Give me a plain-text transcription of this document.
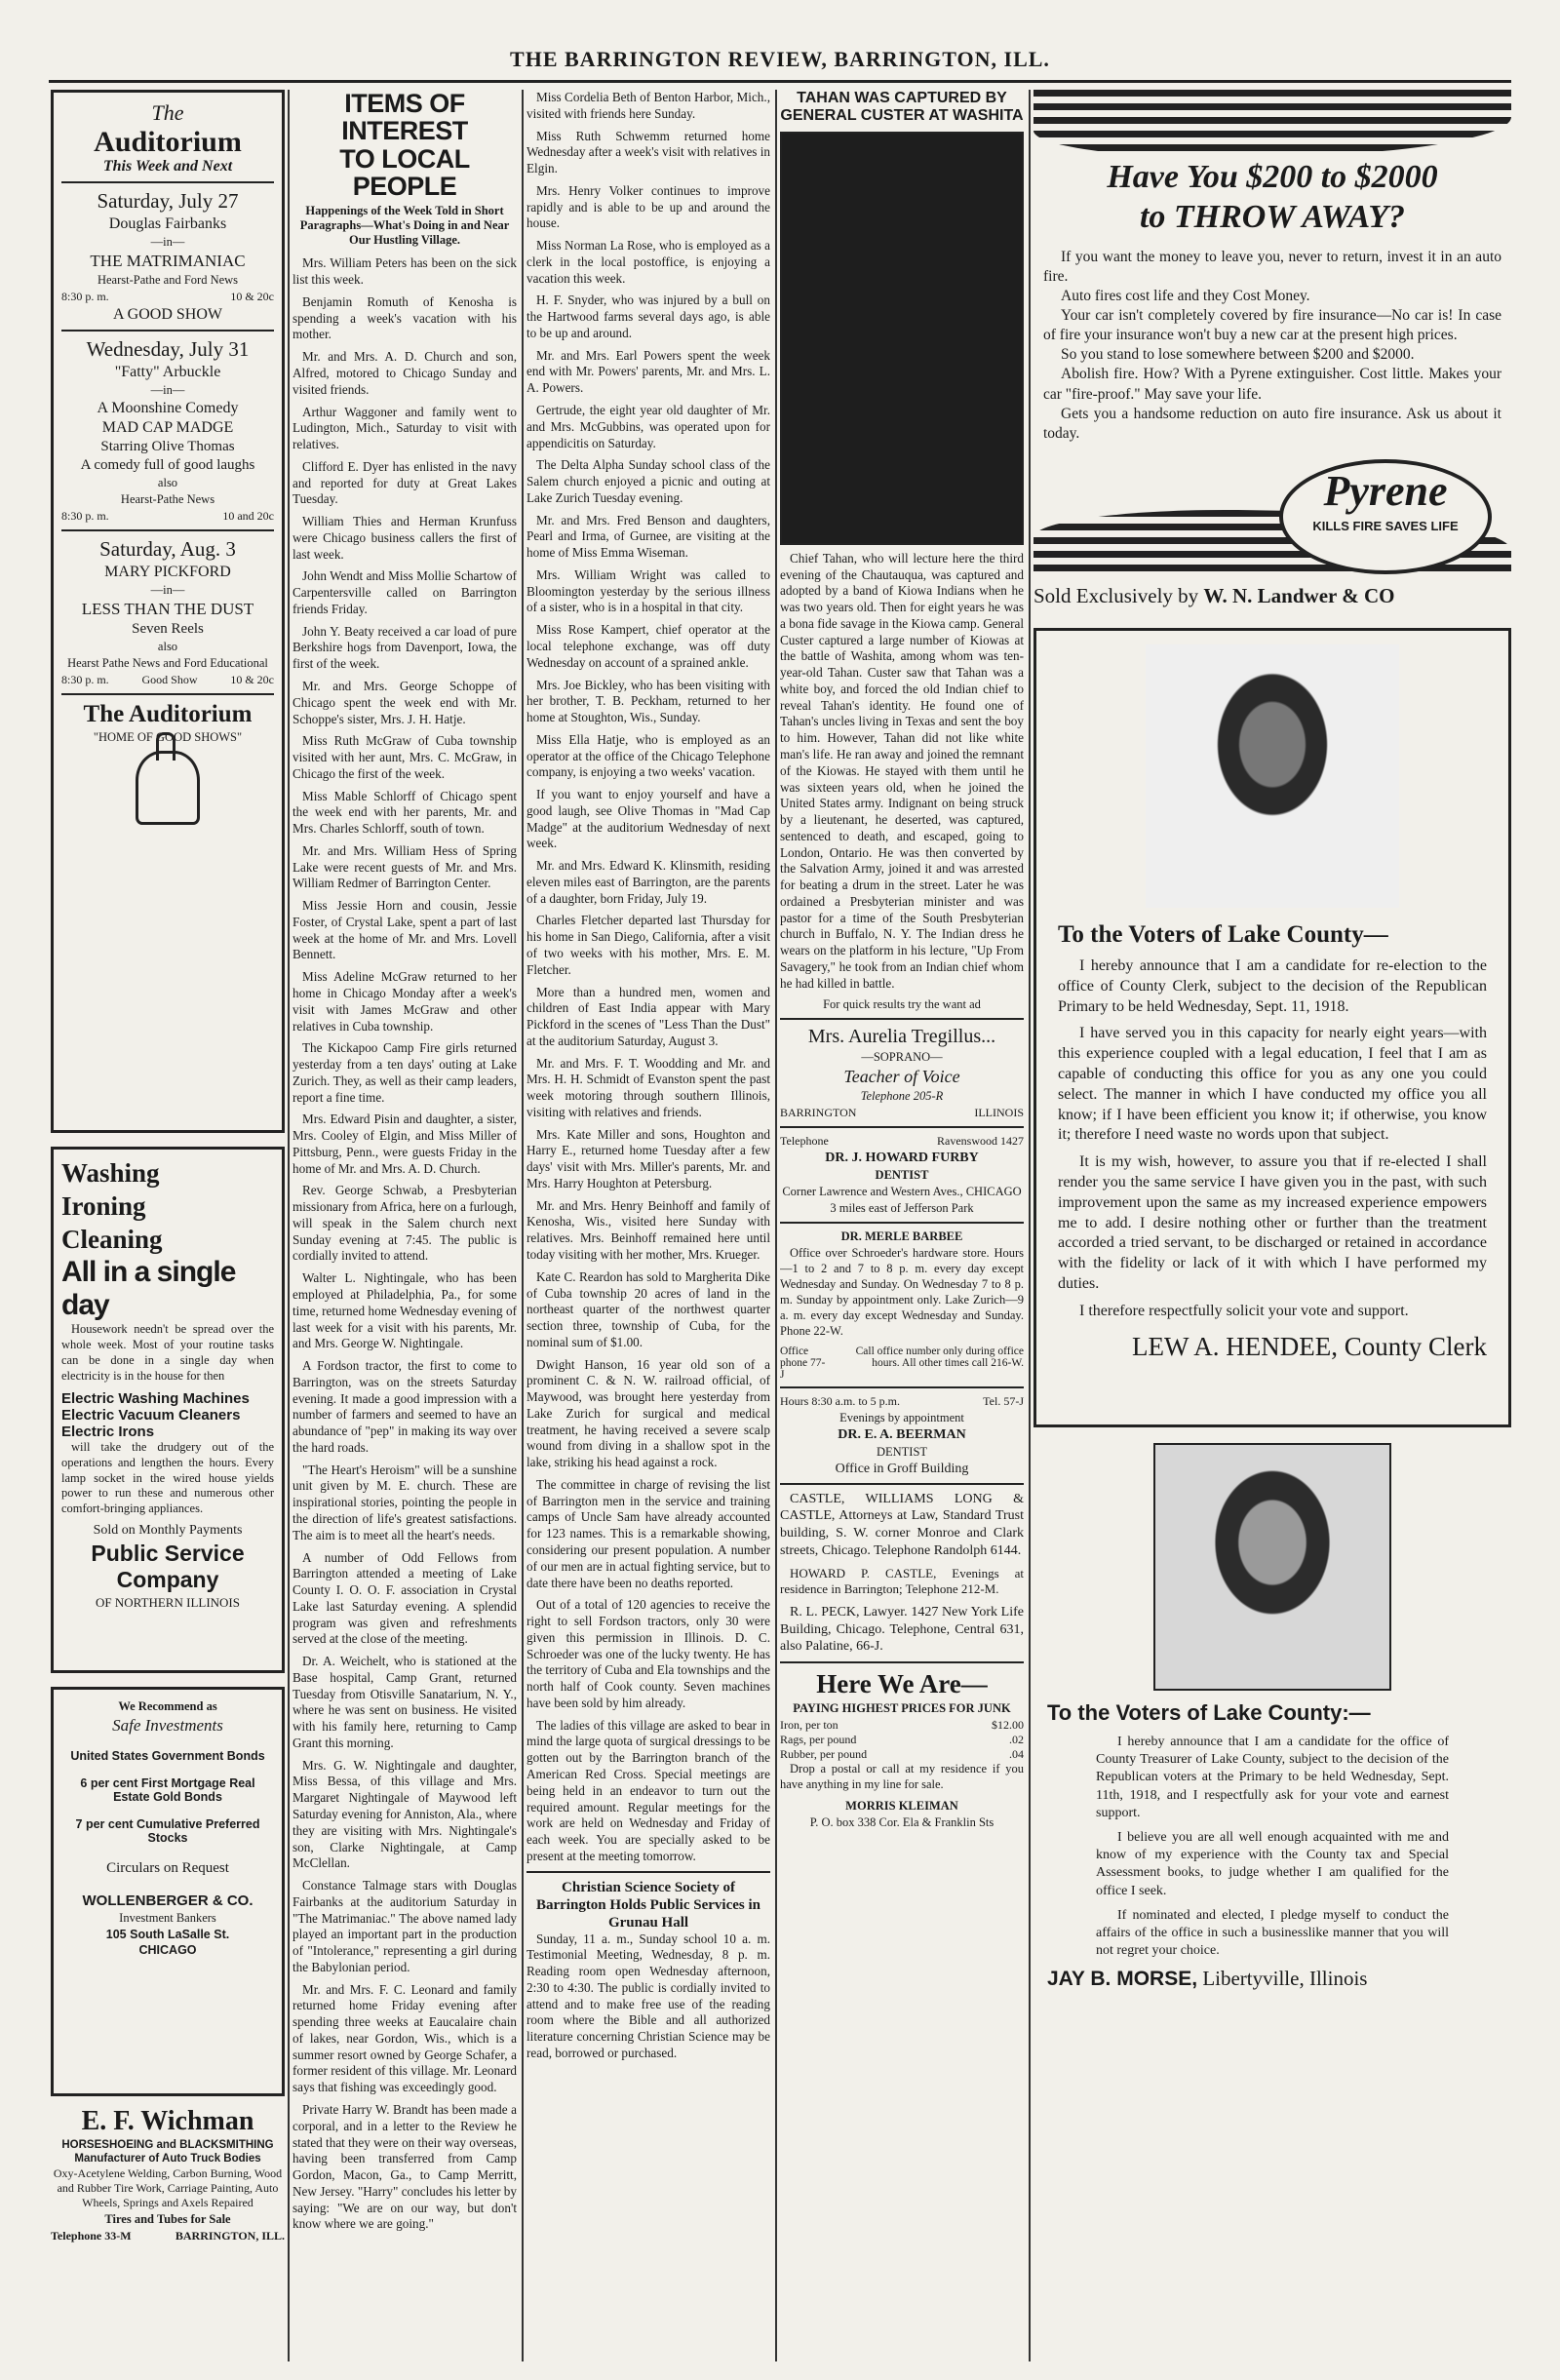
THE BARRINGTON REVIEW, BARRINGTON, ILL.
The
Auditorium
This Week and Next
Saturday, July 27
Douglas Fairbanks
—in—
THE MATRIMANIAC
Hearst-Pathe and Ford News
8:30 p. m.	10 & 20c
A GOOD SHOW
Wednesday, July 31
"Fatty" Arbuckle
—in—
A Moonshine Comedy
MAD CAP MADGE
Starring Olive Thomas
A comedy full of good laughs
also
Hearst-Pathe News
8:30 p. m.	10 and 20c
Saturday, Aug. 3
MARY PICKFORD
—in—
LESS THAN THE DUST
Seven Reels
also
Hearst Pathe News and Ford Educational
8:30 p. m.	Good Show	10 & 20c
The Auditorium
"HOME OF GOOD SHOWS"
Washing
Ironing
Cleaning
All in a single day

Housework needn't be spread over the whole week. Most of your routine tasks can be done in a single day when electricity is in the house for then

Electric Washing Machines
Electric Vacuum Cleaners
Electric Irons

will take the drudgery out of the operations and lengthen the hours. Every lamp socket in the wired house yields power to run these and numerous other comfort-bringing appliances.

Sold on Monthly Payments
Public Service
Company
OF NORTHERN ILLINOIS
We Recommend as
Safe Investments
United States Government Bonds
6 per cent First Mortgage Real Estate Gold Bonds
7 per cent Cumulative Preferred Stocks
Circulars on Request
WOLLENBERGER & CO.
Investment Bankers
105 South LaSalle St.
CHICAGO
E. F. Wichman
HORSESHOEING and BLACKSMITHING
Manufacturer of Auto Truck Bodies
Oxy-Acetylene Welding, Carbon Burning, Wood and Rubber Tire Work, Carriage Painting, Auto Wheels, Springs and Axels Repaired
Tires and Tubes for Sale
Telephone 33-M	BARRINGTON, ILL.
ITEMS OF INTEREST
TO LOCAL PEOPLE
Happenings of the Week Told in Short Paragraphs—What's Doing in and Near Our Hustling Village.

Mrs. William Peters has been on the sick list this week.

Benjamin Romuth of Kenosha is spending a week's vacation with his mother.

Mr. and Mrs. A. D. Church and son, Alfred, motored to Chicago Sunday and visited friends.

Arthur Waggoner and family went to Ludington, Mich., Saturday to visit with relatives.

Clifford E. Dyer has enlisted in the navy and reported for duty at Great Lakes Tuesday.

William Thies and Herman Krunfuss were Chicago business callers the first of last week.

John Wendt and Miss Mollie Schartow of Carpentersville called on Barrington friends Friday.

John Y. Beaty received a car load of pure Berkshire hogs from Davenport, Iowa, the first of the week.

Mr. and Mrs. George Schoppe of Chicago spent the week end with Mr. Schoppe's sister, Mrs. J. H. Hatje.

Miss Ruth McGraw of Cuba township visited with her aunt, Mrs. C. McGraw, in Chicago the first of the week.

Miss Mable Schlorff of Chicago spent the week end with her parents, Mr. and Mrs. Charles Schlorff, south of town.

Mr. and Mrs. William Hess of Spring Lake were recent guests of Mr. and Mrs. William Redmer of Barrington Center.

Miss Jessie Horn and cousin, Jessie Foster, of Crystal Lake, spent a part of last week at the home of Mr. and Mrs. Lovell Bennett.

Miss Adeline McGraw returned to her home in Chicago Monday after a week's visit with James McGraw and other relatives in Cuba township.

The Kickapoo Camp Fire girls returned yesterday from a ten days' outing at Lake Zurich. They, as well as their camp leaders, report a fine time.

Mrs. Edward Pisin and daughter, a sister, Mrs. Cooley of Elgin, and Miss Miller of Pittsburg, Penn., were guests Friday in the home of Mr. and Mrs. A. D. Church.

Rev. George Schwab, a Presbyterian missionary from Africa, here on a furlough, will speak in the Salem church next Sunday evening at 7:45. The public is cordially invited to attend.

Walter L. Nightingale, who has been employed at Philadelphia, Pa., for some time, returned home Wednesday evening of last week for a visit with his parents, Mr. and Mrs. George W. Nightingale.

A Fordson tractor, the first to come to Barrington, was on the streets Saturday evening. It made a good impression with a number of farmers and seemed to have an abundance of "pep" in making its way over the hard roads.

"The Heart's Heroism" will be a sunshine unit given by M. E. church. These are inspirational stories, pointing the people in the direction of life's greatest satisfactions. The aim is to meet all the heart's needs.

A number of Odd Fellows from Barrington attended a meeting of Lake County I. O. O. F. association in Crystal Lake last Saturday evening. A splendid program was given and refreshments served at the close of the meeting.

Dr. A. Weichelt, who is stationed at the Base hospital, Camp Grant, returned Tuesday from Otisville Sanatarium, N. Y., where he was sent on business. He visited with his family here, returning to Camp Grant this morning.

Mrs. G. W. Nightingale and daughter, Miss Bessa, of this village and Mrs. Margaret Nightingale of Maywood left Saturday evening for Anniston, Ala., where they are visiting with Mrs. Nightingale's son, Clarke Nightingale, at Camp McClellan.

Constance Talmage stars with Douglas Fairbanks at the auditorium Saturday in "The Matrimaniac." The above named lady played an important part in the production of "Intolerance," representing a girl during the Babylonian period.

Mr. and Mrs. F. C. Leonard and family returned home Friday evening after spending three weeks at Eaucalaire chain of lakes, near Gordon, Wis., which is a summer resort owned by George Schafer, a former resident of this village. Mr. Leonard says that fishing was exceedingly good.

Private Harry W. Brandt has been made a corporal, and in a letter to the Review he stated that they were on their way overseas, having been transferred from Camp Gordon, Macon, Ga., to Camp Merritt, New Jersey. "Harry" concludes his letter by saying: "We are on our way, but don't know where we are going."

Miss Cordelia Beth of Benton Harbor, Mich., visited with friends here Sunday.

Miss Ruth Schwemm returned home Wednesday after a week's visit with relatives in Elgin.

Mrs. Henry Volker continues to improve rapidly and is able to be up and around the house.

Miss Norman La Rose, who is employed as a clerk in the local postoffice, is enjoying a vacation this week.

H. F. Snyder, who was injured by a bull on the Hartwood farms several days ago, is able to be up and around.

Mr. and Mrs. Earl Powers spent the week end with Mr. Powers' parents, Mr. and Mrs. L. A. Powers.

Gertrude, the eight year old daughter of Mr. and Mrs. McGubbins, was operated upon for appendicitis on Saturday.

The Delta Alpha Sunday school class of the Salem church enjoyed a picnic and outing at Lake Zurich Tuesday evening.

Mr. and Mrs. Fred Benson and daughters, Pearl and Irma, of Gurnee, are visiting at the home of Miss Emma Wiseman.

Mrs. William Wright was called to Bloomington yesterday by the serious illness of a sister, who is in a hospital in that city.

Miss Rose Kampert, chief operator at the local telephone exchange, was off duty Wednesday on account of a sprained ankle.

Mrs. Joe Bickley, who has been visiting with her brother, T. B. Peckham, returned to her home at Stoughton, Wis., Sunday.

Miss Ella Hatje, who is employed as an operator at the office of the Chicago Telephone company, is enjoying a two weeks' vacation.

If you want to enjoy yourself and have a good laugh, see Olive Thomas in "Mad Cap Madge" at the auditorium Wednesday of next week.

Mr. and Mrs. Edward K. Klinsmith, residing eleven miles east of Barrington, are the parents of a daughter, born Friday, July 19.

Charles Fletcher departed last Thursday for his home in San Diego, California, after a visit of two weeks with his mother, Mrs. E. M. Fletcher.

More than a hundred men, women and children of East India appear with Mary Pickford in the scenes of "Less Than the Dust" at the auditorium Saturday, August 3.

Mr. and Mrs. F. T. Woodding and Mr. and Mrs. H. H. Schmidt of Evanston spent the past week motoring through southern Illinois, visiting with relatives and friends.

Mrs. Kate Miller and sons, Houghton and Harry E., returned home Tuesday after a few days' visit with Mrs. Miller's parents, Mr. and Mrs. Harry Houghton at Petersburg.

Mr. and Mrs. Henry Beinhoff and family of Kenosha, Wis., visited here Sunday with relatives. Mrs. Beinhoff remained here until today visiting with her mother, Mrs. Krueger.

Kate C. Reardon has sold to Margherita Dike of Cuba township 20 acres of land in the northeast quarter of the northwest quarter section three, township of Cuba, for the nominal sum of $1.00.

Dwight Hanson, 16 year old son of a prominent C. & N. W. railroad official, of Maywood, was brought here yesterday from Lake Zurich for surgical and medical treatment, he having received a severe scalp wound from diving in a shallow spot in the lake, striking his head against a rock.

The committee in charge of revising the list of Barrington men in the service and training camps of Uncle Sam have already accounted for 123 names. This is a remarkable showing, considering our present population. A number of our men are in actual fighting service, but to date there have been no deaths reported.

Out of a total of 120 agencies to receive the right to sell Fordson tractors, only 30 were given this permission in Illinois. D. C. Schroeder was one of the lucky twenty. He has the territory of Cuba and Ela townships and the north half of Cook county. Seven machines have been sold by him already.

The ladies of this village are asked to bear in mind the large quota of surgical dressings to be gotten out by the Barrington branch of the American Red Cross. Special meetings are being held in an endeavor to turn out the required amount. Regular meetings for the work are held on Wednesday and Friday of each week. You are specially asked to be present at the meeting tomorrow.

Christian Science Society of Barrington Holds Public Services in Grunau Hall

Sunday, 11 a. m., Sunday school 10 a. m. Testimonial Meeting, Wednesday, 8 p. m. Reading room open Wednesday afternoon, 2:30 to 4:30. The public is cordially invited to attend and to make free use of the reading room where the Bible and all authorized literature concerning Christian Science may be read, borrowed or purchased.

TAHAN WAS CAPTURED BY GENERAL CUSTER AT WASHITA

Chief Tahan, who will lecture here the third evening of the Chautauqua, was captured and adopted by a band of Kiowa Indians when he was two years old. Then for eight years he was a bona fide savage in the Kiowa camp. General Custer captured a large number of Kiowas at the battle of Washita, among whom was ten-year-old Tahan. Custer saw that Tahan was a white boy, and forced the old Indian chief to reveal Tahan's identity. He found one of Tahan's uncles living in Texas and sent the boy to him. However, Tahan did not like white man's life. He ran away and joined the remnant of the Kiowas. He stayed with them until he was sixteen years old, when he joined the United States army. Indignant on being struck by a lieutenant, he deserted, was captured, sentenced to death, and escaped, going to London, Ontario. He was then converted by the Salvation Army, joined it and was arrested for beating a drum in the street. Later he was ordained a Presbyterian minister and was pastor for a time of the South Presbyterian church in Buffalo, N. Y. The Indian dress he wears on the platform in his lecture, "Up From Savagery," he took from an Indian chief whom he had killed in battle.

For quick results try the want ad
Mrs. Aurelia Tregillus...
—SOPRANO—
Teacher of Voice
Telephone 205-R
BARRINGTON	ILLINOIS
Telephone	Ravenswood 1427
DR. J. HOWARD FURBY
DENTIST
Corner Lawrence and Western Aves., CHICAGO
3 miles east of Jefferson Park
DR. MERLE BARBEE

Office over Schroeder's hardware store. Hours—1 to 2 and 7 to 8 p. m. every day except Wednesday and Sunday. On Wednesday 7 to 8 p. m. Sunday by appointment only. Lake Zurich—9 a. m. every day except Wednesday and Sunday. Phone 22-W.

Office phone 77-J
Call office number only during office hours. All other times call 216-W.
Hours 8:30 a.m. to 5 p.m.	Tel. 57-J
Evenings by appointment
DR. E. A. BEERMAN
DENTIST
Office in Groff Building

CASTLE, WILLIAMS LONG & CASTLE, Attorneys at Law, Standard Trust building, S. W. corner Monroe and Clark streets, Chicago. Telephone Randolph 6144.

HOWARD P. CASTLE, Evenings at residence in Barrington; Telephone 212-M.

R. L. PECK, Lawyer. 1427 New York Life Building, Chicago. Telephone, Central 631, also Palatine, 66-J.

Here We Are—
PAYING HIGHEST PRICES FOR JUNK
Iron, per ton	$12.00
Rags, per pound	.02
Rubber, per pound	.04

Drop a postal or call at my residence if you have anything in my line for sale.

MORRIS KLEIMAN
P. O. box 338 Cor. Ela & Franklin Sts
Have You $200 to $2000
to THROW AWAY?

If you want the money to leave you, never to return, invest it in an auto fire.

Auto fires cost life and they Cost Money.

Your car isn't completely covered by fire insurance—No car is! In case of fire your insurance won't buy a new car at the present high prices.

So you stand to lose somewhere between $200 and $2000.

Abolish fire. How? With a Pyrene extinguisher. Cost little. Makes your car "fire-proof." May save your life.

Gets you a handsome reduction on auto fire insurance. Ask us about it today.

Pyrene
KILLS FIRE SAVES LIFE
Sold Exclusively by W. N. Landwer & CO
To the Voters of Lake County—

I hereby announce that I am a candidate for re-election to the office of County Clerk, subject to the decision of the Republican Primary to be held Wednesday, Sept. 11, 1918.

I have served you in this capacity for nearly eight years—with this experience coupled with a legal education, I feel that I am as capable of conducting this office for you as any one you could select. The manner in which I have conducted my office you all know; if I have been efficient you know it; if otherwise, you know it; therefore I need waste no words upon that subject.

It is my wish, however, to assure you that if re-elected I shall render you the same service I have given you in the past, with such improvement upon the same as my increased experience empowers me to add. I desire nothing other or further than the treatment accorded a tried servant, to be discharged or retained in accordance with the fidelity or lack of it with which I have performed my duties.

I therefore respectfully solicit your vote and support.

LEW A. HENDEE, County Clerk
To the Voters of Lake County:—

I hereby announce that I am a candidate for the office of County Treasurer of Lake County, subject to the decision of the Republican voters at the Primary to be held Wednesday, Sept. 11th, 1918, and I respectfully ask for your vote and earnest support.

I believe you are all well enough acquainted with me and know of my experience with the County tax and Special Assessment books, to judge whether I am qualified for the office I seek.

If nominated and elected, I pledge myself to conduct the affairs of the office in such a businesslike manner that you will not regret your choice.

JAY B. MORSE, Libertyville, Illinois
